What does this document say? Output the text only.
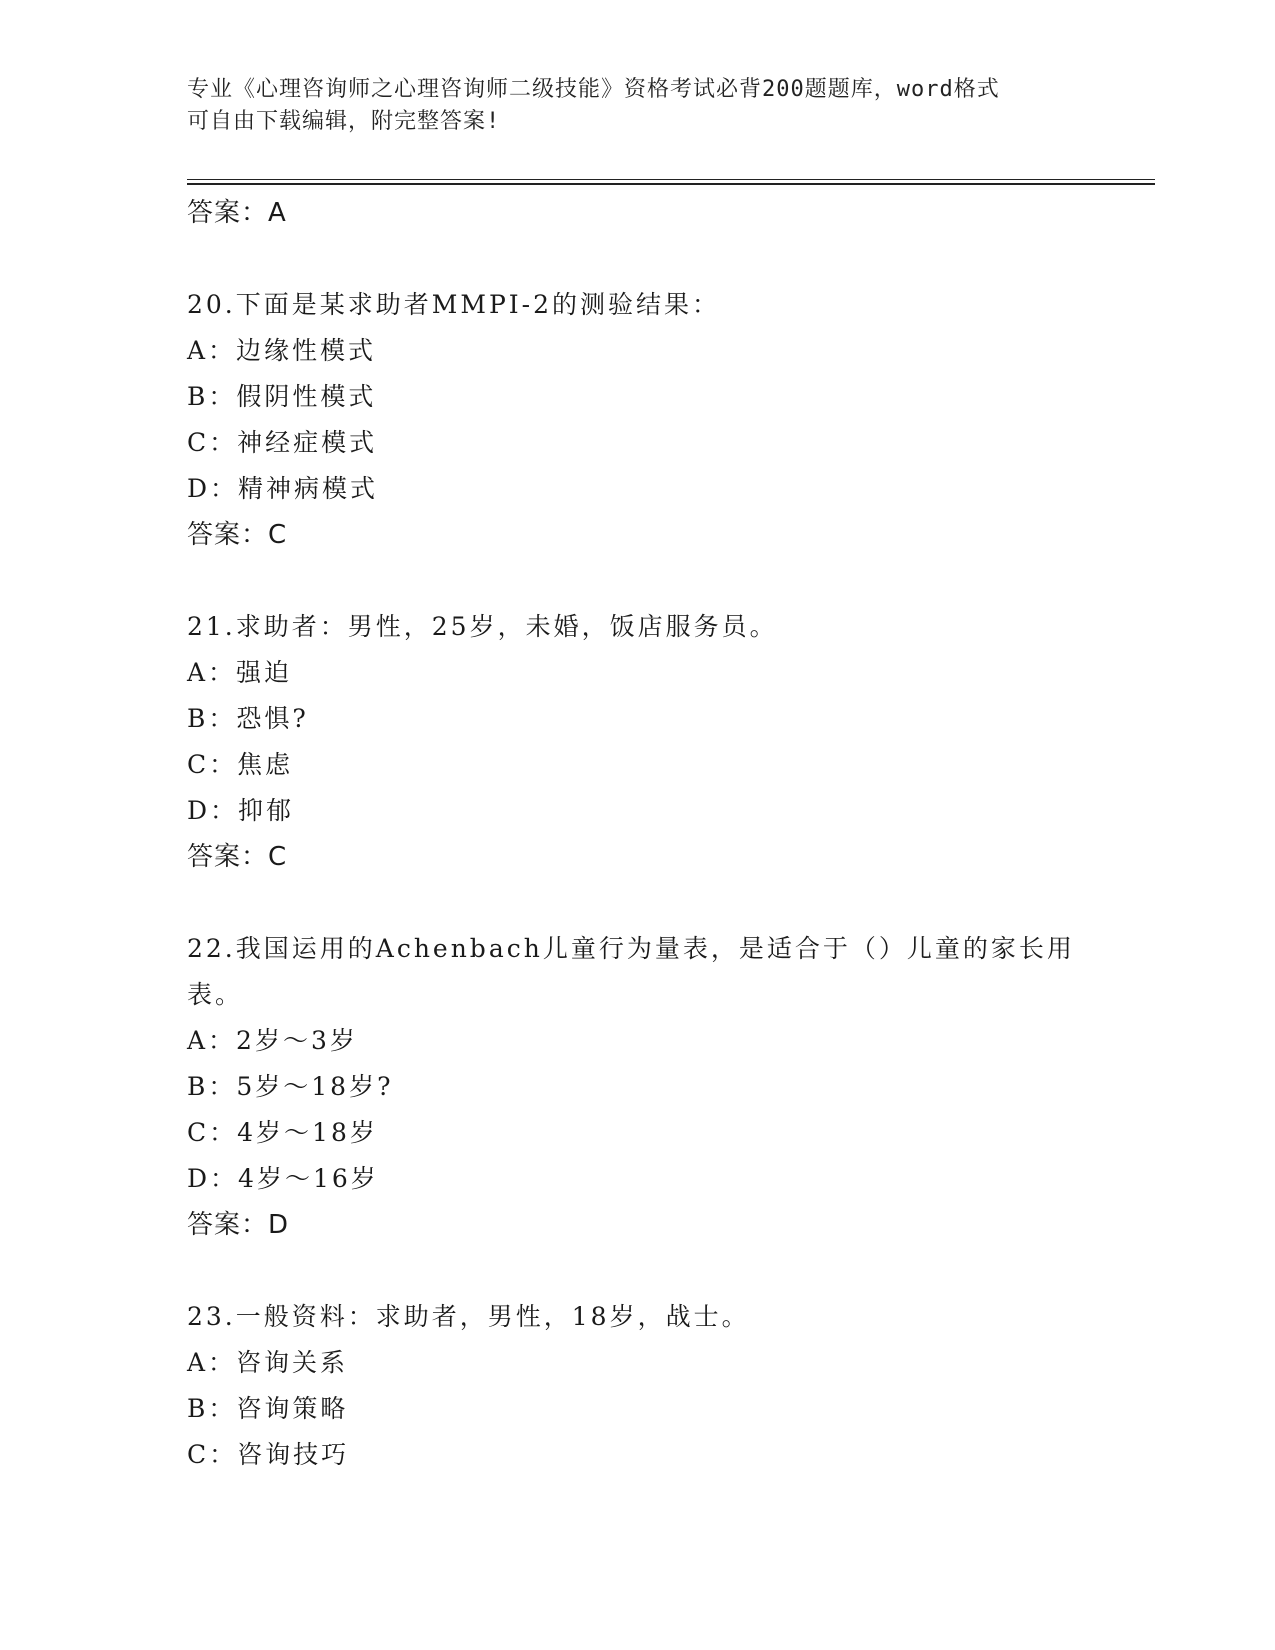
专业《心理咨询师之心理咨询师二级技能》资格考试必背200题题库，word格式
可自由下载编辑，附完整答案!
答案：A
20.下面是某求助者MMPI-2的测验结果：
A：边缘性模式
B：假阴性模式
C：神经症模式
D：精神病模式
答案：C
21.求助者：男性，25岁，未婚，饭店服务员。
A：强迫
B：恐惧?
C：焦虑
D：抑郁
答案：C
22.我国运用的Achenbach儿童行为量表，是适合于（）儿童的家长用
表。
A：2岁～3岁
B：5岁～18岁?
C：4岁～18岁
D：4岁～16岁
答案：D
23.一般资料：求助者，男性，18岁，战士。
A：咨询关系
B：咨询策略
C：咨询技巧
